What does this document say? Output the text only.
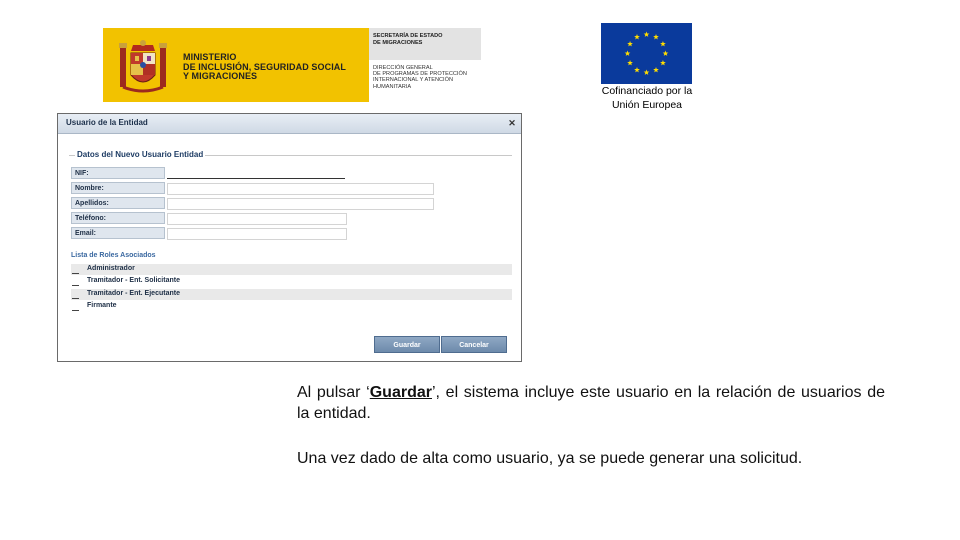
MINISTERIO
DE INCLUSIÓN, SEGURIDAD SOCIAL
Y MIGRACIONES
SECRETARÍA DE ESTADO
DE MIGRACIONES
DIRECCIÓN GENERAL
DE PROGRAMAS DE PROTECCIÓN
INTERNACIONAL Y ATENCIÓN
HUMANITARIA	Cofinanciado por la
Unión Europea
Usuario de la Entidad	✕
Datos del Nuevo Usuario Entidad
NIF:
Nombre:
Apellidos:
Teléfono:
Email:
Lista de Roles Asociados
Administrador
Tramitador - Ent. Solicitante
Tramitador - Ent. Ejecutante
Firmante
Guardar	Cancelar
Al pulsar ‘Guardar’, el sistema incluye este usuario en la relación de usuarios de la entidad.
Una vez dado de alta como usuario, ya se puede generar una solicitud.
